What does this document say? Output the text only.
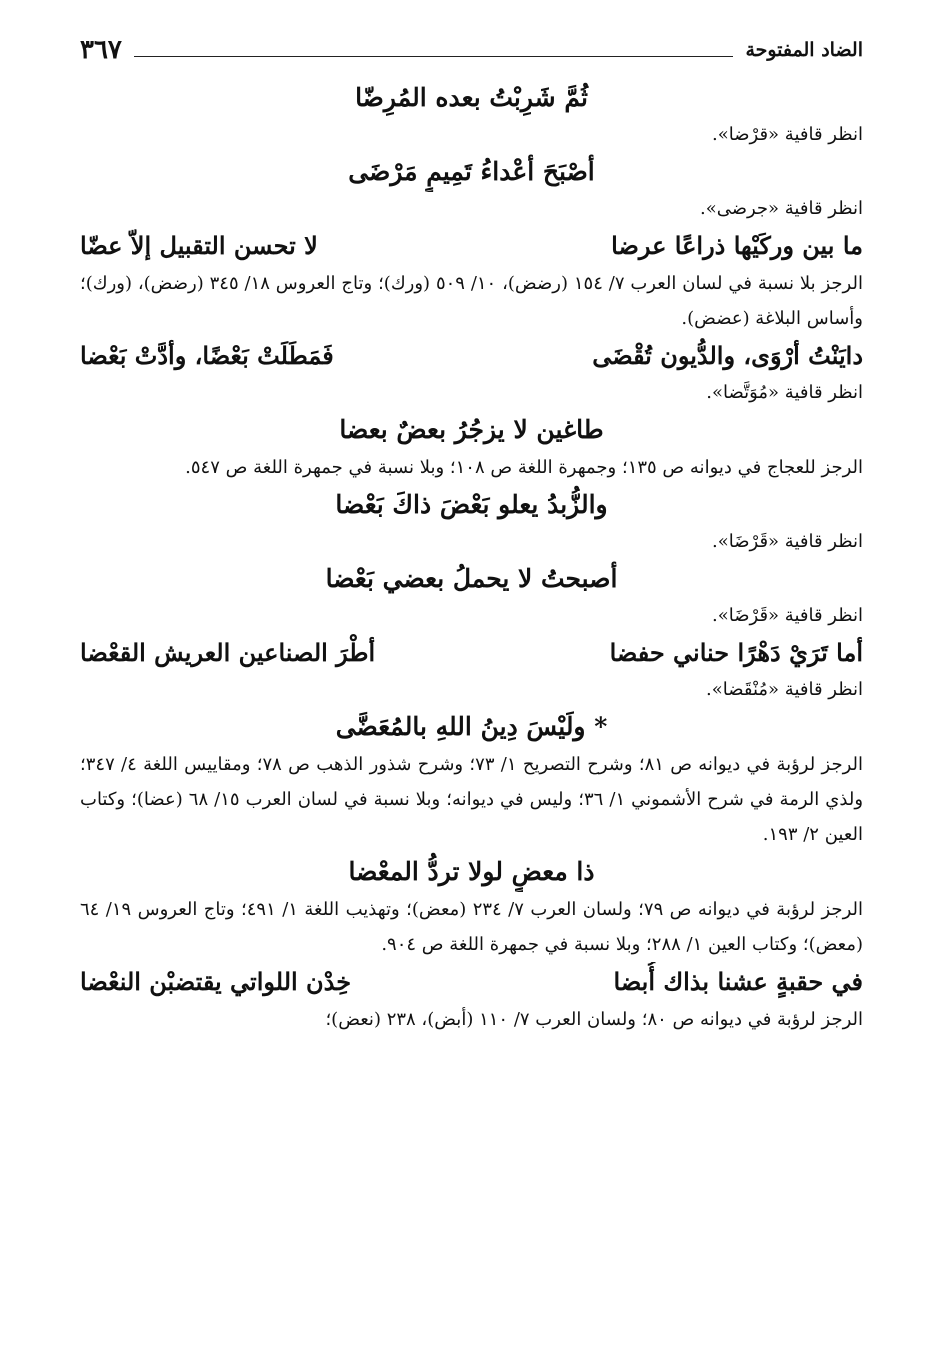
الضاد المفتوحة
٣٦٧
ثُمَّ شَرِبْتُ بعده المُرِضّا
انظر قافية «قرْضا».
أصْبَحَ أعْداءُ تَمِيمٍ مَرْضَى
انظر قافية «جرضى».
ما بين وركَيْها ذراعًا عرضا
لا تحسن التقبيل إلاّ عضّا
الرجز بلا نسبة في لسان العرب ٧/ ١٥٤ (رضض)، ١٠/ ٥٠٩ (ورك)؛ وتاج العروس ١٨/ ٣٤٥ (رضض)، (ورك)؛ وأساس البلاغة (عضض).
دايَنْتُ أرْوَى، والدُّيون تُقْضَى
فَمَطَلَتْ بَعْضًا، وأدَّتْ بَعْضا
انظر قافية «مُوَتَّضا».
طاغين لا يزجُرُ بعضٌ بعضا
الرجز للعجاج في ديوانه ص ١٣٥؛ وجمهرة اللغة ص ١٠٨؛ وبلا نسبة في جمهرة اللغة ص ٥٤٧.
والزُّبدُ يعلو بَعْضَ ذاكَ بَعْضا
انظر قافية «قَرْضَا».
أصبحتُ لا يحملُ بعضي بَعْضا
انظر قافية «قَرْضَا».
أما تَرَيْ دَهْرًا حناني حفضا
أطْرَ الصناعين العريش القعْضا
انظر قافية «مُنْقَضا».
* ولَيْسَ دِينُ اللهِ بالمُعَضَّى
الرجز لرؤبة في ديوانه ص ٨١؛ وشرح التصريح ١/ ٧٣؛ وشرح شذور الذهب ص ٧٨؛ ومقاييس اللغة ٤/ ٣٤٧؛ ولذي الرمة في شرح الأشموني ١/ ٣٦؛ وليس في ديوانه؛ وبلا نسبة في لسان العرب ١٥/ ٦٨ (عضا)؛ وكتاب العين ٢/ ١٩٣.
ذا معضٍ لولا تردُّ المعْضا
الرجز لرؤبة في ديوانه ص ٧٩؛ ولسان العرب ٧/ ٢٣٤ (معض)؛ وتهذيب اللغة ١/ ٤٩١؛ وتاج العروس ١٩/ ٦٤ (معض)؛ وكتاب العين ١/ ٢٨٨؛ وبلا نسبة في جمهرة اللغة ص ٩٠٤.
في حقبةٍ عشنا بذاك أُبضا
خِدْن اللواتي يقتضبْن النعْضا
الرجز لرؤبة في ديوانه ص ٨٠؛ ولسان العرب ٧/ ١١٠ (أبض)، ٢٣٨ (نعض)؛
